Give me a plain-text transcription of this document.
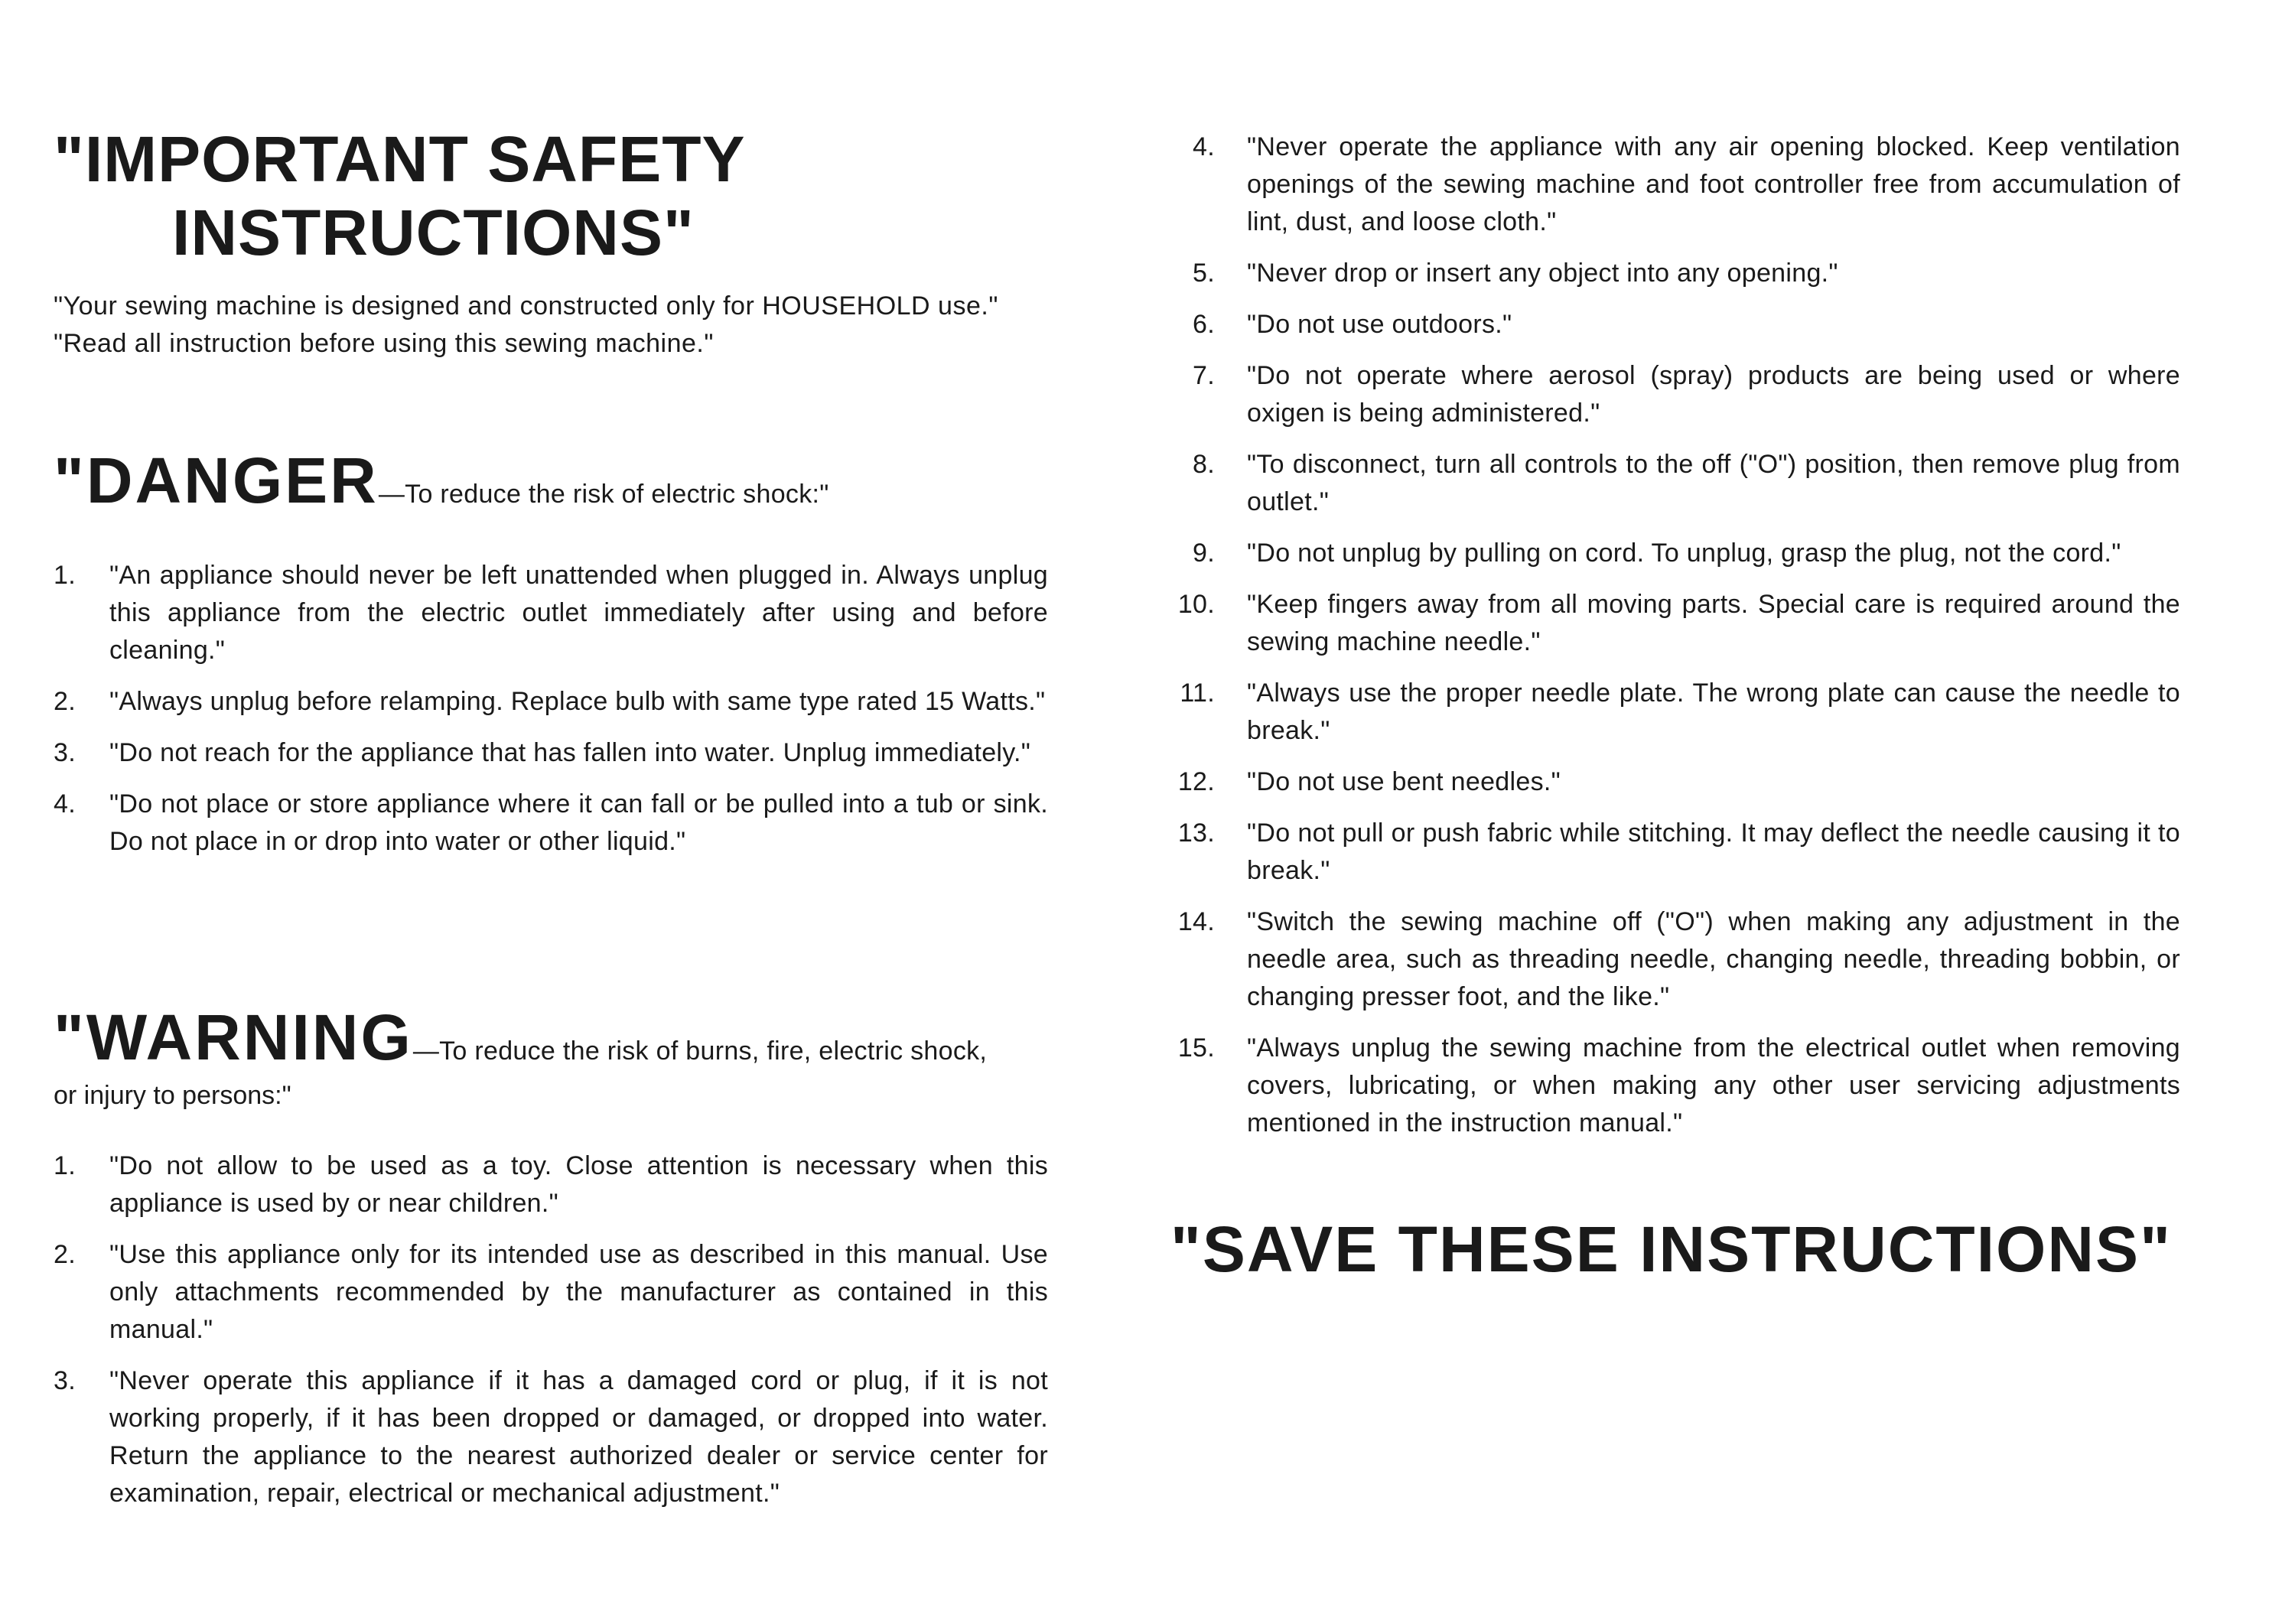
"IMPORTANT SAFETY
INSTRUCTIONS"

"Your sewing machine is designed and constructed only for HOUSEHOLD use."

"Read all instruction before using this sewing machine."

"DANGER—To reduce the risk of electric shock:"
1. "An appliance should never be left unattended when plugged in. Always unplug this appliance from the electric outlet immediately after using and before cleaning."
2. "Always unplug before relamping. Replace bulb with same type rated 15 Watts."
3. "Do not reach for the appliance that has fallen into water. Unplug immediately."
4. "Do not place or store appliance where it can fall or be pulled into a tub or sink. Do not place in or drop into water or other liquid."
"WARNING—To reduce the risk of burns, fire, electric shock,
or injury to persons:"
1. "Do not allow to be used as a toy. Close attention is necessary when this appliance is used by or near children."
2. "Use this appliance only for its intended use as described in this manual. Use only attachments recommended by the manufacturer as contained in this manual."
3. "Never operate this appliance if it has a damaged cord or plug, if it is not working properly, if it has been dropped or damaged, or dropped into water. Return the appliance to the nearest authorized dealer or service center for examination, repair, electrical or mechanical adjustment."
4. "Never operate the appliance with any air opening blocked. Keep ventilation openings of the sewing machine and foot controller free from accumulation of lint, dust, and loose cloth."
5. "Never drop or insert any object into any opening."
6. "Do not use outdoors."
7. "Do not operate where aerosol (spray) products are being used or where oxigen is being administered."
8. "To disconnect, turn all controls to the off ("O") position, then remove plug from outlet."
9. "Do not unplug by pulling on cord. To unplug, grasp the plug, not the cord."
10. "Keep fingers away from all moving parts. Special care is required around the sewing machine needle."
11. "Always use the proper needle plate. The wrong plate can cause the needle to break."
12. "Do not use bent needles."
13. "Do not pull or push fabric while stitching. It may deflect the needle causing it to break."
14. "Switch the sewing machine off ("O") when making any adjustment in the needle area, such as threading needle, changing needle, threading bobbin, or changing presser foot, and the like."
15. "Always unplug the sewing machine from the electrical outlet when removing covers, lubricating, or when making any other user servicing adjustments mentioned in the instruction manual."
"SAVE THESE INSTRUCTIONS"
